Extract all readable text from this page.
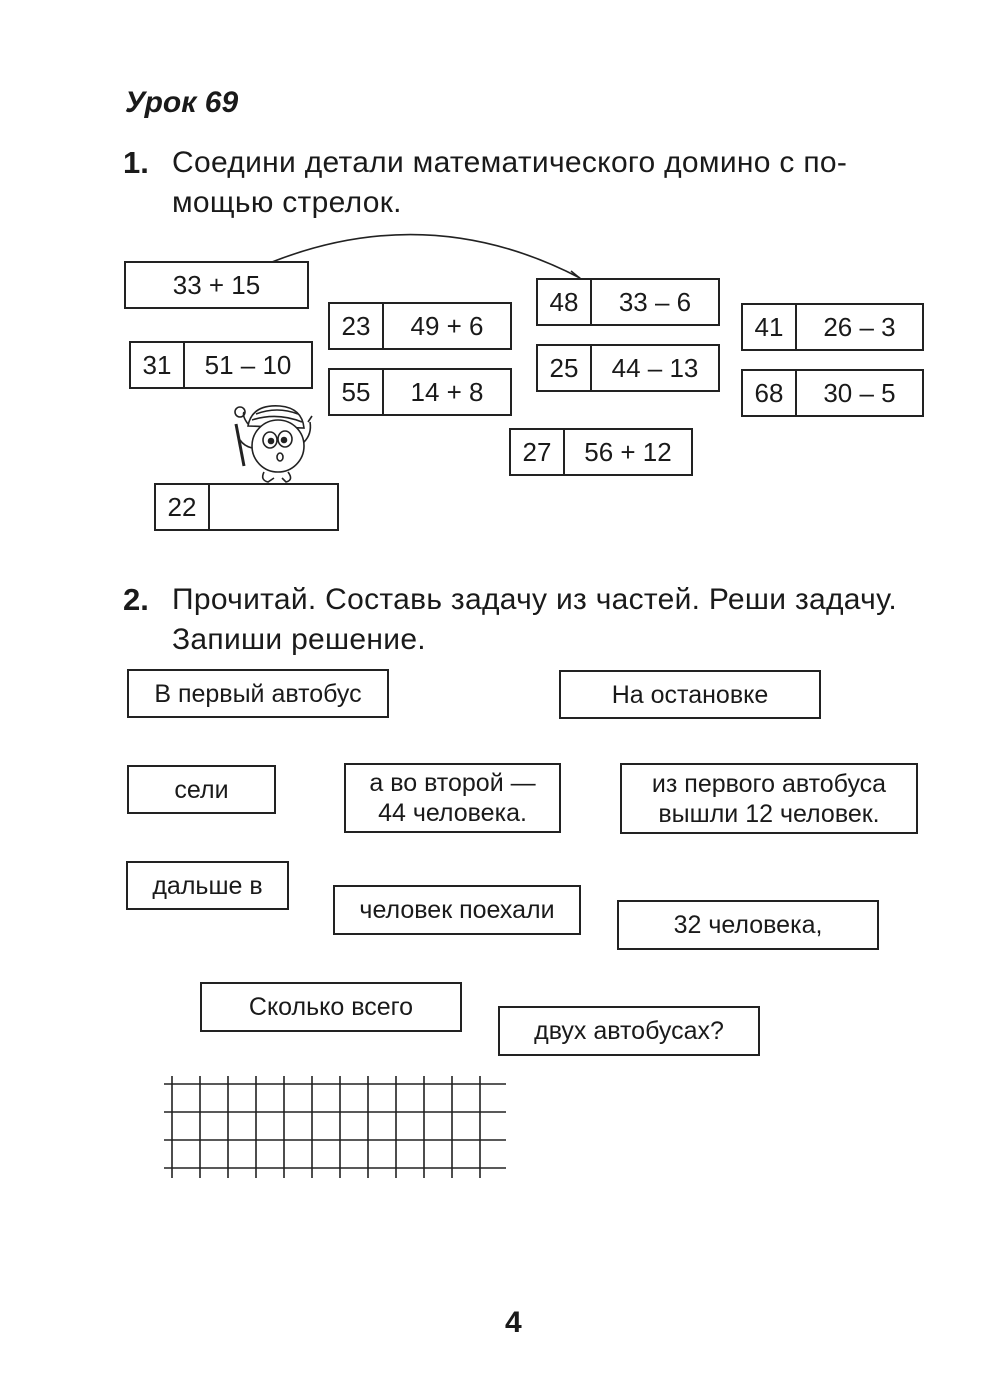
Урок 69
1. Соедини детали математического домино с по-
мощью стрелок.
33 + 15
31	51 – 10
23	49 + 6
55	14 + 8
48	33 – 6
25	44 – 13
27	56 + 12
41	26 – 3
68	30 – 5
22
2. Прочитай. Составь задачу из частей. Реши задачу.
Запиши решение.
В первый автобус	На остановке
сели	а во второй —
44 человека.
из первого автобуса
вышли 12 человек.
дальше в
человек поехали
32 человека,
Сколько всего
двух автобусах?
4
